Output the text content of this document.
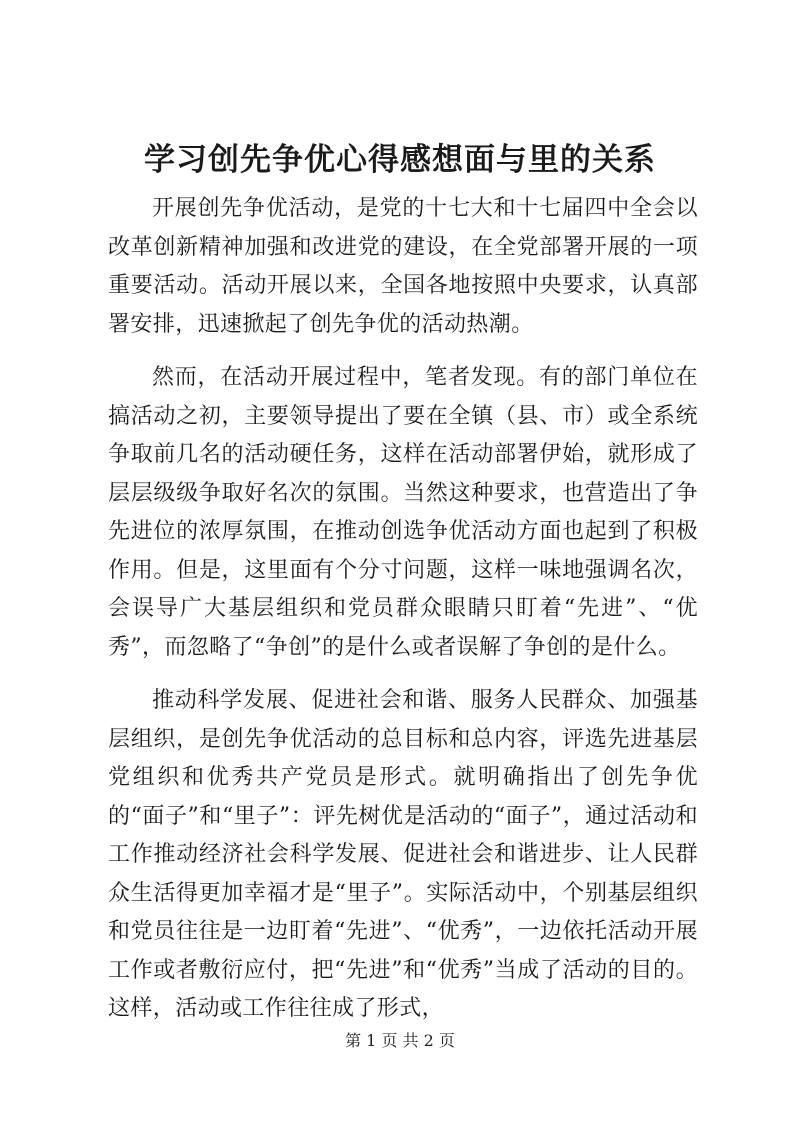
学习创先争优心得感想面与里的关系

开展创先争优活动，是党的十七大和十七届四中全会以改革创新精神加强和改进党的建设，在全党部署开展的一项重要活动。活动开展以来，全国各地按照中央要求，认真部署安排，迅速掀起了创先争优的活动热潮。

然而，在活动开展过程中，笔者发现。有的部门单位在搞活动之初，主要领导提出了要在全镇（县、市）或全系统争取前几名的活动硬任务，这样在活动部署伊始，就形成了层层级级争取好名次的氛围。当然这种要求，也营造出了争先进位的浓厚氛围，在推动创选争优活动方面也起到了积极作用。但是，这里面有个分寸问题，这样一味地强调名次，会误导广大基层组织和党员群众眼睛只盯着“先进”、“优秀”，而忽略了“争创”的是什么或者误解了争创的是什么。

推动科学发展、促进社会和谐、服务人民群众、加强基层组织，是创先争优活动的总目标和总内容，评选先进基层党组织和优秀共产党员是形式。就明确指出了创先争优的“面子”和“里子”：评先树优是活动的“面子”，通过活动和工作推动经济社会科学发展、促进社会和谐进步、让人民群众生活得更加幸福才是“里子”。实际活动中，个别基层组织和党员往往是一边盯着“先进”、“优秀”，一边依托活动开展工作或者敷衍应付，把“先进”和“优秀”当成了活动的目的。这样，活动或工作往往成了形式，

第 1 页 共 2 页
